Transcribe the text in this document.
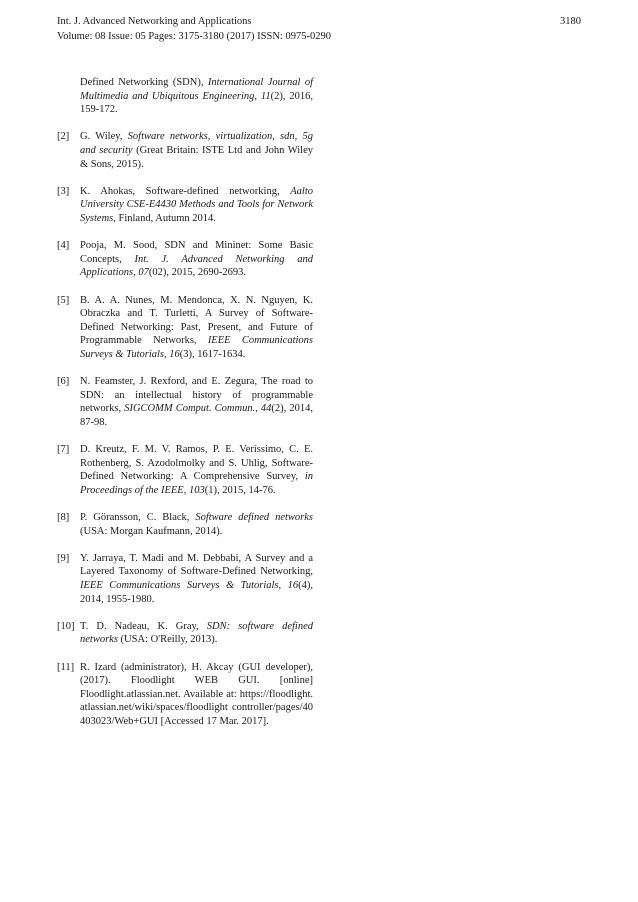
Int. J. Advanced Networking and Applications
Volume: 08 Issue: 05 Pages: 3175-3180 (2017) ISSN: 0975-0290
3180
Defined Networking (SDN), International Journal of Multimedia and Ubiquitous Engineering, 11(2), 2016, 159-172.
[2]	G. Wiley, Software networks, virtualization, sdn, 5g and security (Great Britain: ISTE Ltd and John Wiley & Sons, 2015).
[3]	K. Ahokas, Software-defined networking, Aalto University CSE-E4430 Methods and Tools for Network Systems, Finland, Autumn 2014.
[4]	Pooja, M. Sood, SDN and Mininet: Some Basic Concepts, Int. J. Advanced Networking and Applications, 07(02), 2015, 2690-2693.
[5]	B. A. A. Nunes, M. Mendonca, X. N. Nguyen, K. Obraczka and T. Turletti, A Survey of Software-Defined Networking: Past, Present, and Future of Programmable Networks, IEEE Communications Surveys & Tutorials, 16(3), 1617-1634.
[6]	N. Feamster, J. Rexford, and E. Zegura, The road to SDN: an intellectual history of programmable networks, SIGCOMM Comput. Commun., 44(2), 2014, 87-98.
[7]	D. Kreutz, F. M. V. Ramos, P. E. Veríssimo, C. E. Rothenberg, S. Azodolmolky and S. Uhlig, Software-Defined Networking: A Comprehensive Survey, in Proceedings of the IEEE, 103(1), 2015, 14-76.
[8]	P. Göransson, C. Black, Software defined networks (USA: Morgan Kaufmann, 2014).
[9]	Y. Jarraya, T. Madi and M. Debbabi, A Survey and a Layered Taxonomy of Software-Defined Networking, IEEE Communications Surveys & Tutorials, 16(4), 2014, 1955-1980.
[10] T. D. Nadeau, K. Gray, SDN: software defined networks (USA: O'Reilly, 2013).
[11] R. Izard (administrator), H. Akcay (GUI developer), (2017). Floodlight WEB GUI. [online] Floodlight.atlassian.net. Available at: https://floodlight.atlassian.net/wiki/spaces/floodlight controller/pages/40403023/Web+GUI [Accessed 17 Mar. 2017].
